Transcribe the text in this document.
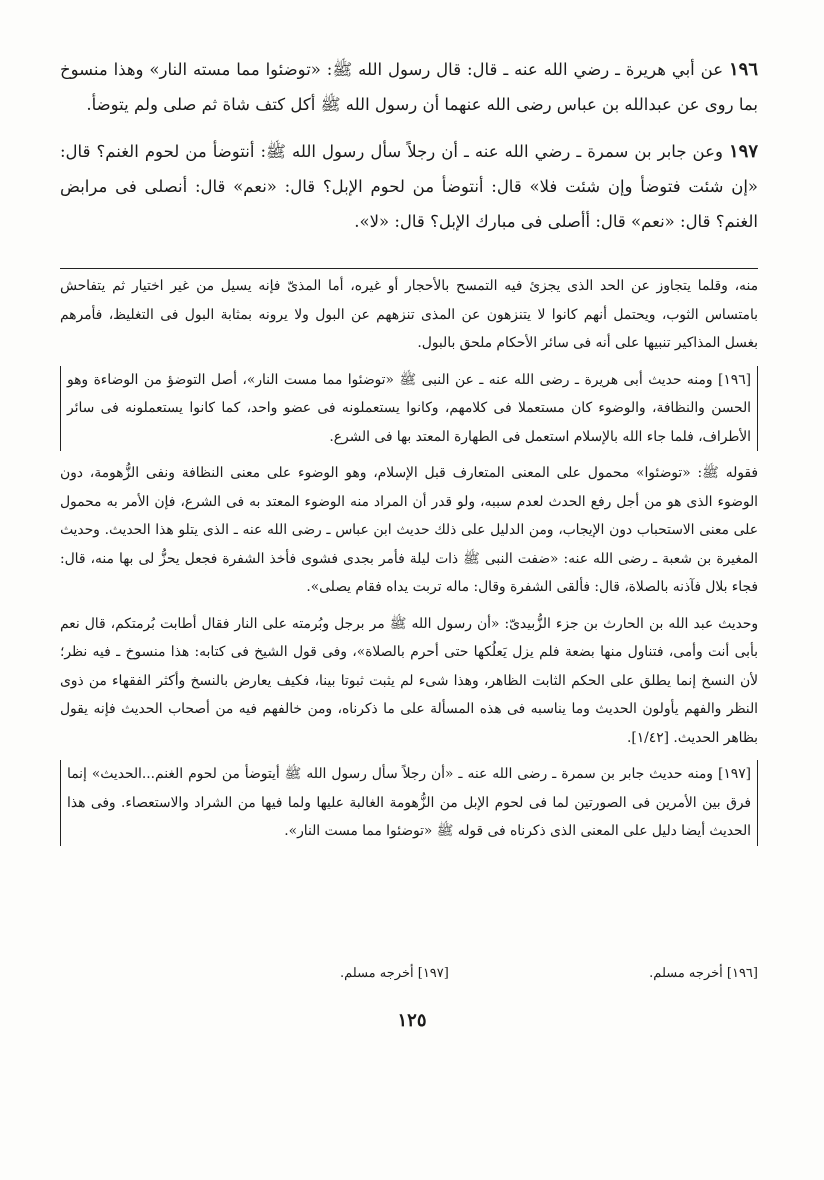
١٩٦ عن أبي هريرة ـ رضي الله عنه ـ قال: قال رسول الله ﷺ: «توضئوا مما مسته النار» وهذا منسوخ بما روى عن عبدالله بن عباس رضى الله عنهما أن رسول الله ﷺ أكل كتف شاة ثم صلى ولم يتوضأ.

١٩٧ وعن جابر بن سمرة ـ رضي الله عنه ـ أن رجلاً سأل رسول الله ﷺ: أنتوضأ من لحوم الغنم؟ قال: «إن شئت فتوضأ وإن شئت فلا» قال: أنتوضأ من لحوم الإبل؟ قال: «نعم» قال: أنصلى فى مرابض الغنم؟ قال: «نعم» قال: أأصلى فى مبارك الإبل؟ قال: «لا».

منه، وقلما يتجاوز عن الحد الذى يجزئ فيه التمسح بالأحجار أو غيره، أما المذىّ فإنه يسيل من غير اختيار ثم يتفاحش بامتساس الثوب، ويحتمل أنهم كانوا لا يتنزهون عن المذى تنزههم عن البول ولا يرونه بمثابة البول فى التغليظ، فأمرهم بغسل المذاكير تنبيها على أنه فى سائر الأحكام ملحق بالبول.

[١٩٦] ومنه حديث أبى هريرة ـ رضى الله عنه ـ عن النبى ﷺ «توضئوا مما مست النار»، أصل التوضؤ من الوضاءة وهو الحسن والنظافة، والوضوء كان مستعملا فى كلامهم، وكانوا يستعملونه فى عضو واحد، كما كانوا يستعملونه فى سائر الأطراف، فلما جاء الله بالإسلام استعمل فى الطهارة المعتد بها فى الشرع.

فقوله ﷺ: «توضئوا» محمول على المعنى المتعارف قبل الإسلام، وهو الوضوء على معنى النظافة ونفى الزُّهومة، دون الوضوء الذى هو من أجل رفع الحدث لعدم سببه، ولو قدر أن المراد منه الوضوء المعتد به فى الشرع، فإن الأمر به محمول على معنى الاستحباب دون الإيجاب، ومن الدليل على ذلك حديث ابن عباس ـ رضى الله عنه ـ الذى يتلو هذا الحديث. وحديث المغيرة بن شعبة ـ رضى الله عنه: «ضفت النبى ﷺ ذات ليلة فأمر بجدى فشوى فأخذ الشفرة فجعل يحزُّ لى بها منه، قال: فجاء بلال فآذنه بالصلاة، قال: فألقى الشفرة وقال: ماله تربت يداه فقام يصلى».

وحديث عبد الله بن الحارث بن جزء الزُّبيدىّ: «أن رسول الله ﷺ مر برجل وبُرمته على النار فقال أطابت بُرمتكم، قال نعم بأبى أنت وأمى، فتناول منها بضعة فلم يزل يَعلُكها حتى أحرم بالصلاة»، وفى قول الشيخ فى كتابه: هذا منسوخ ـ فيه نظر؛ لأن النسخ إنما يطلق على الحكم الثابت الظاهر، وهذا شىء لم يثبت ثبوتا بينا، فكيف يعارض بالنسخ وأكثر الفقهاء من ذوى النظر والفهم يأولون الحديث وما يناسبه فى هذه المسألة على ما ذكرناه، ومن خالفهم فيه من أصحاب الحديث فإنه يقول بظاهر الحديث. [١/٤٢].

[١٩٧] ومنه حديث جابر بن سمرة ـ رضى الله عنه ـ «أن رجلاً سأل رسول الله ﷺ أيتوضأ من لحوم الغنم...الحديث» إنما فرق بين الأمرين فى الصورتين لما فى لحوم الإبل من الزُّهومة الغالبة عليها ولما فيها من الشراد والاستعصاء. وفى هذا الحديث أيضا دليل على المعنى الذى ذكرناه فى قوله ﷺ «توضئوا مما مست النار».

[١٩٦] أخرجه مسلم.
[١٩٧] أخرجه مسلم.
١٢٥
